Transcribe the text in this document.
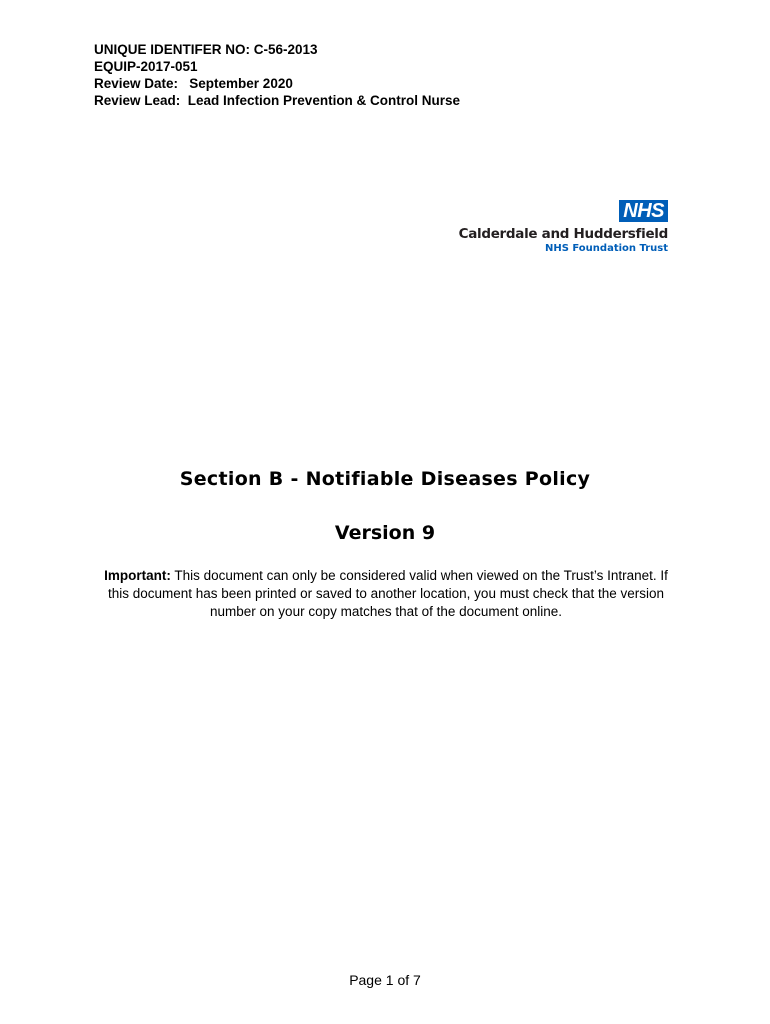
UNIQUE IDENTIFER NO: C-56-2013
EQUIP-2017-051
Review Date:   September 2020
Review Lead:  Lead Infection Prevention & Control Nurse
NHS
Calderdale and Huddersfield
NHS Foundation Trust
Section B - Notifiable Diseases Policy
Version 9
Important: This document can only be considered valid when viewed on the Trust’s Intranet. If this document has been printed or saved to another location, you must check that the version number on your copy matches that of the document online.
Page 1 of 7
